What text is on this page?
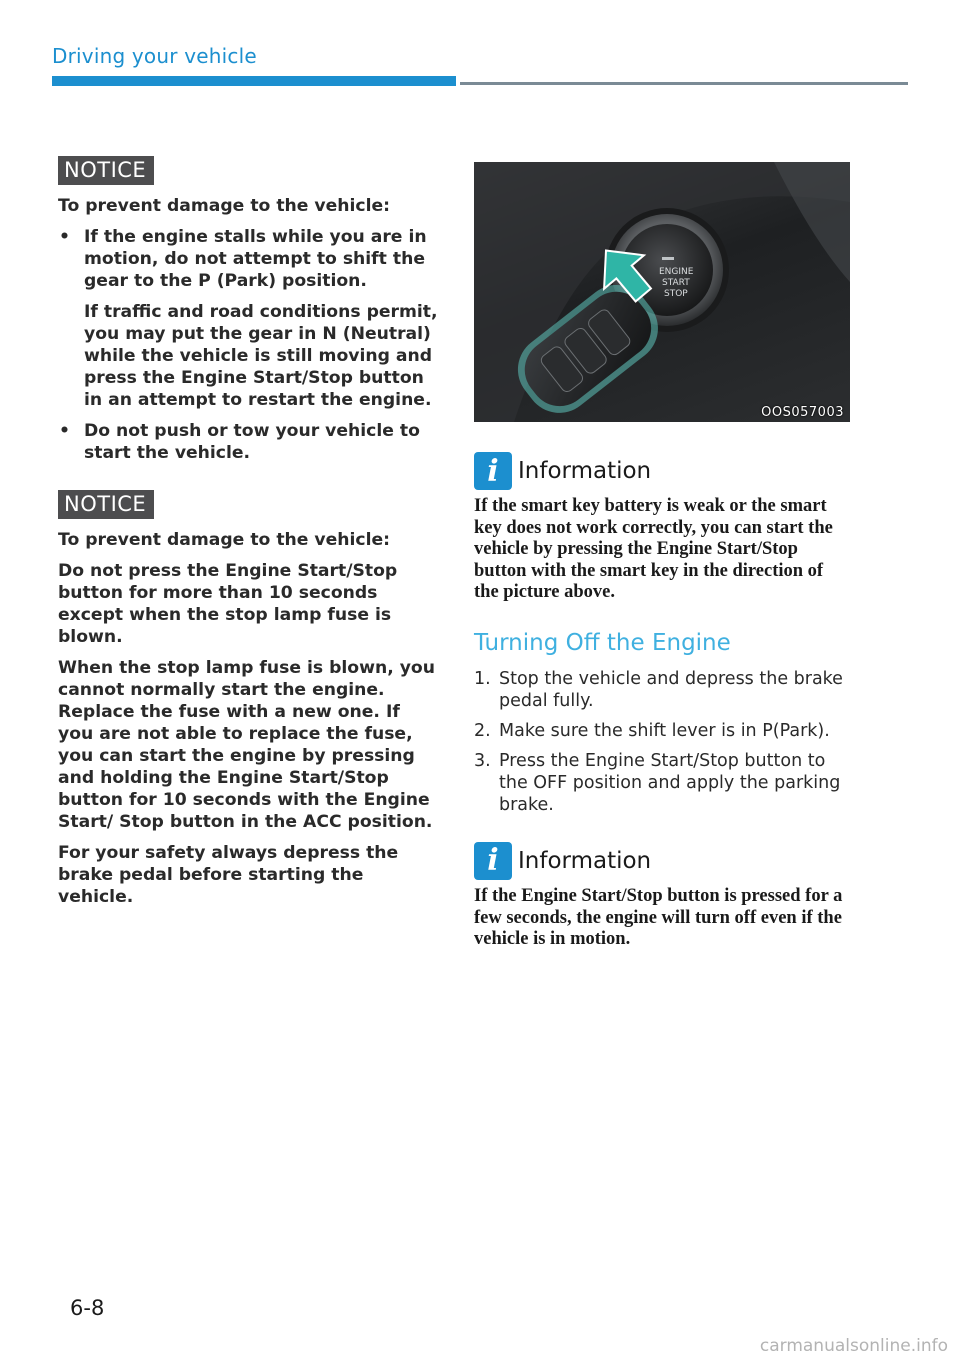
Driving your vehicle
NOTICE

To prevent damage to the vehicle:

• If the engine stalls while you are in motion, do not attempt to shift the gear to the P (Park) position.

If traffic and road conditions permit, you may put the gear in N (Neutral) while the vehicle is still moving and press the Engine Start/Stop button in an attempt to restart the engine.

• Do not push or tow your vehicle to start the vehicle.

NOTICE

To prevent damage to the vehicle:

Do not press the Engine Start/Stop button for more than 10 seconds except when the stop lamp fuse is blown.

When the stop lamp fuse is blown, you cannot normally start the engine. Replace the fuse with a new one. If you are not able to replace the fuse, you can start the engine by pressing and holding the Engine Start/Stop button for 10 seconds with the Engine Start/ Stop button in the ACC position.

For your safety always depress the brake pedal before starting the vehicle.

ENGINE
START
STOP
OOS057003
i Information
If the smart key battery is weak or the smart key does not work correctly, you can start the vehicle by pressing the Engine Start/Stop button with the smart key in the direction of the picture above.
Turning Off the Engine
1. Stop the vehicle and depress the brake pedal fully.
2. Make sure the shift lever is in P(Park).
3. Press the Engine Start/Stop button to the OFF position and apply the parking brake.
i Information
If the Engine Start/Stop button is pressed for a few seconds, the engine will turn off even if the vehicle is in motion.
6-8
carmanualsonline.info
